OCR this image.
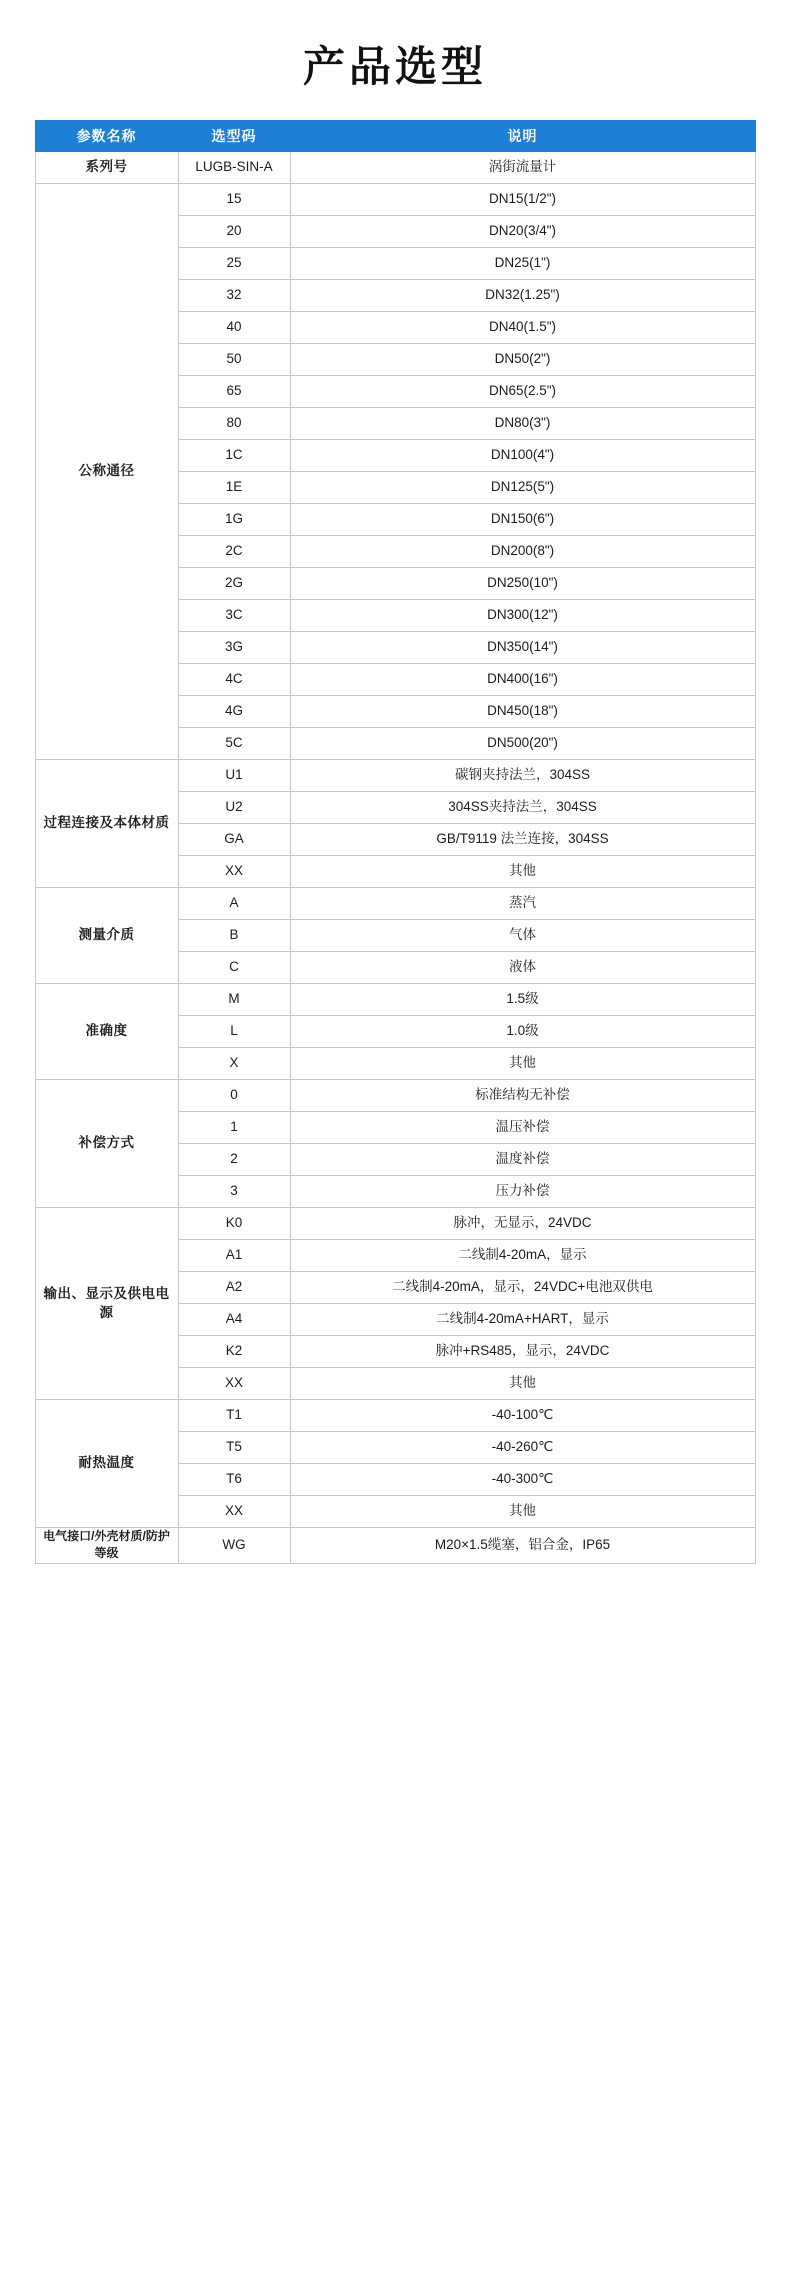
产品选型
参数名称	选型码	说明
系列号	LUGB-SIN-A	涡街流量计
公称通径	15	DN15(1/2")
	20	DN20(3/4")
	25	DN25(1")
	32	DN32(1.25")
	40	DN40(1.5")
	50	DN50(2")
	65	DN65(2.5")
	80	DN80(3")
	1C	DN100(4")
	1E	DN125(5")
	1G	DN150(6")
	2C	DN200(8")
	2G	DN250(10")
	3C	DN300(12")
	3G	DN350(14")
	4C	DN400(16")
	4G	DN450(18")
	5C	DN500(20")
过程连接及本体材质	U1	碳钢夹持法兰，304SS
	U2	304SS夹持法兰，304SS
	GA	GB/T9119 法兰连接，304SS
	XX	其他
测量介质	A	蒸汽
	B	气体
	C	液体
准确度	M	1.5级
	L	1.0级
	X	其他
补偿方式	0	标准结构无补偿
	1	温压补偿
	2	温度补偿
	3	压力补偿
输出、显示及供电电源	K0	脉冲，无显示，24VDC
	A1	二线制4-20mA，显示
	A2	二线制4-20mA，显示，24VDC+电池双供电
	A4	二线制4-20mA+HART，显示
	K2	脉冲+RS485，显示，24VDC
	XX	其他
耐热温度	T1	-40-100℃
	T5	-40-260℃
	T6	-40-300℃
	XX	其他
电气接口/外壳材质/防护等级	WG	M20×1.5缆塞，铝合金，IP65
